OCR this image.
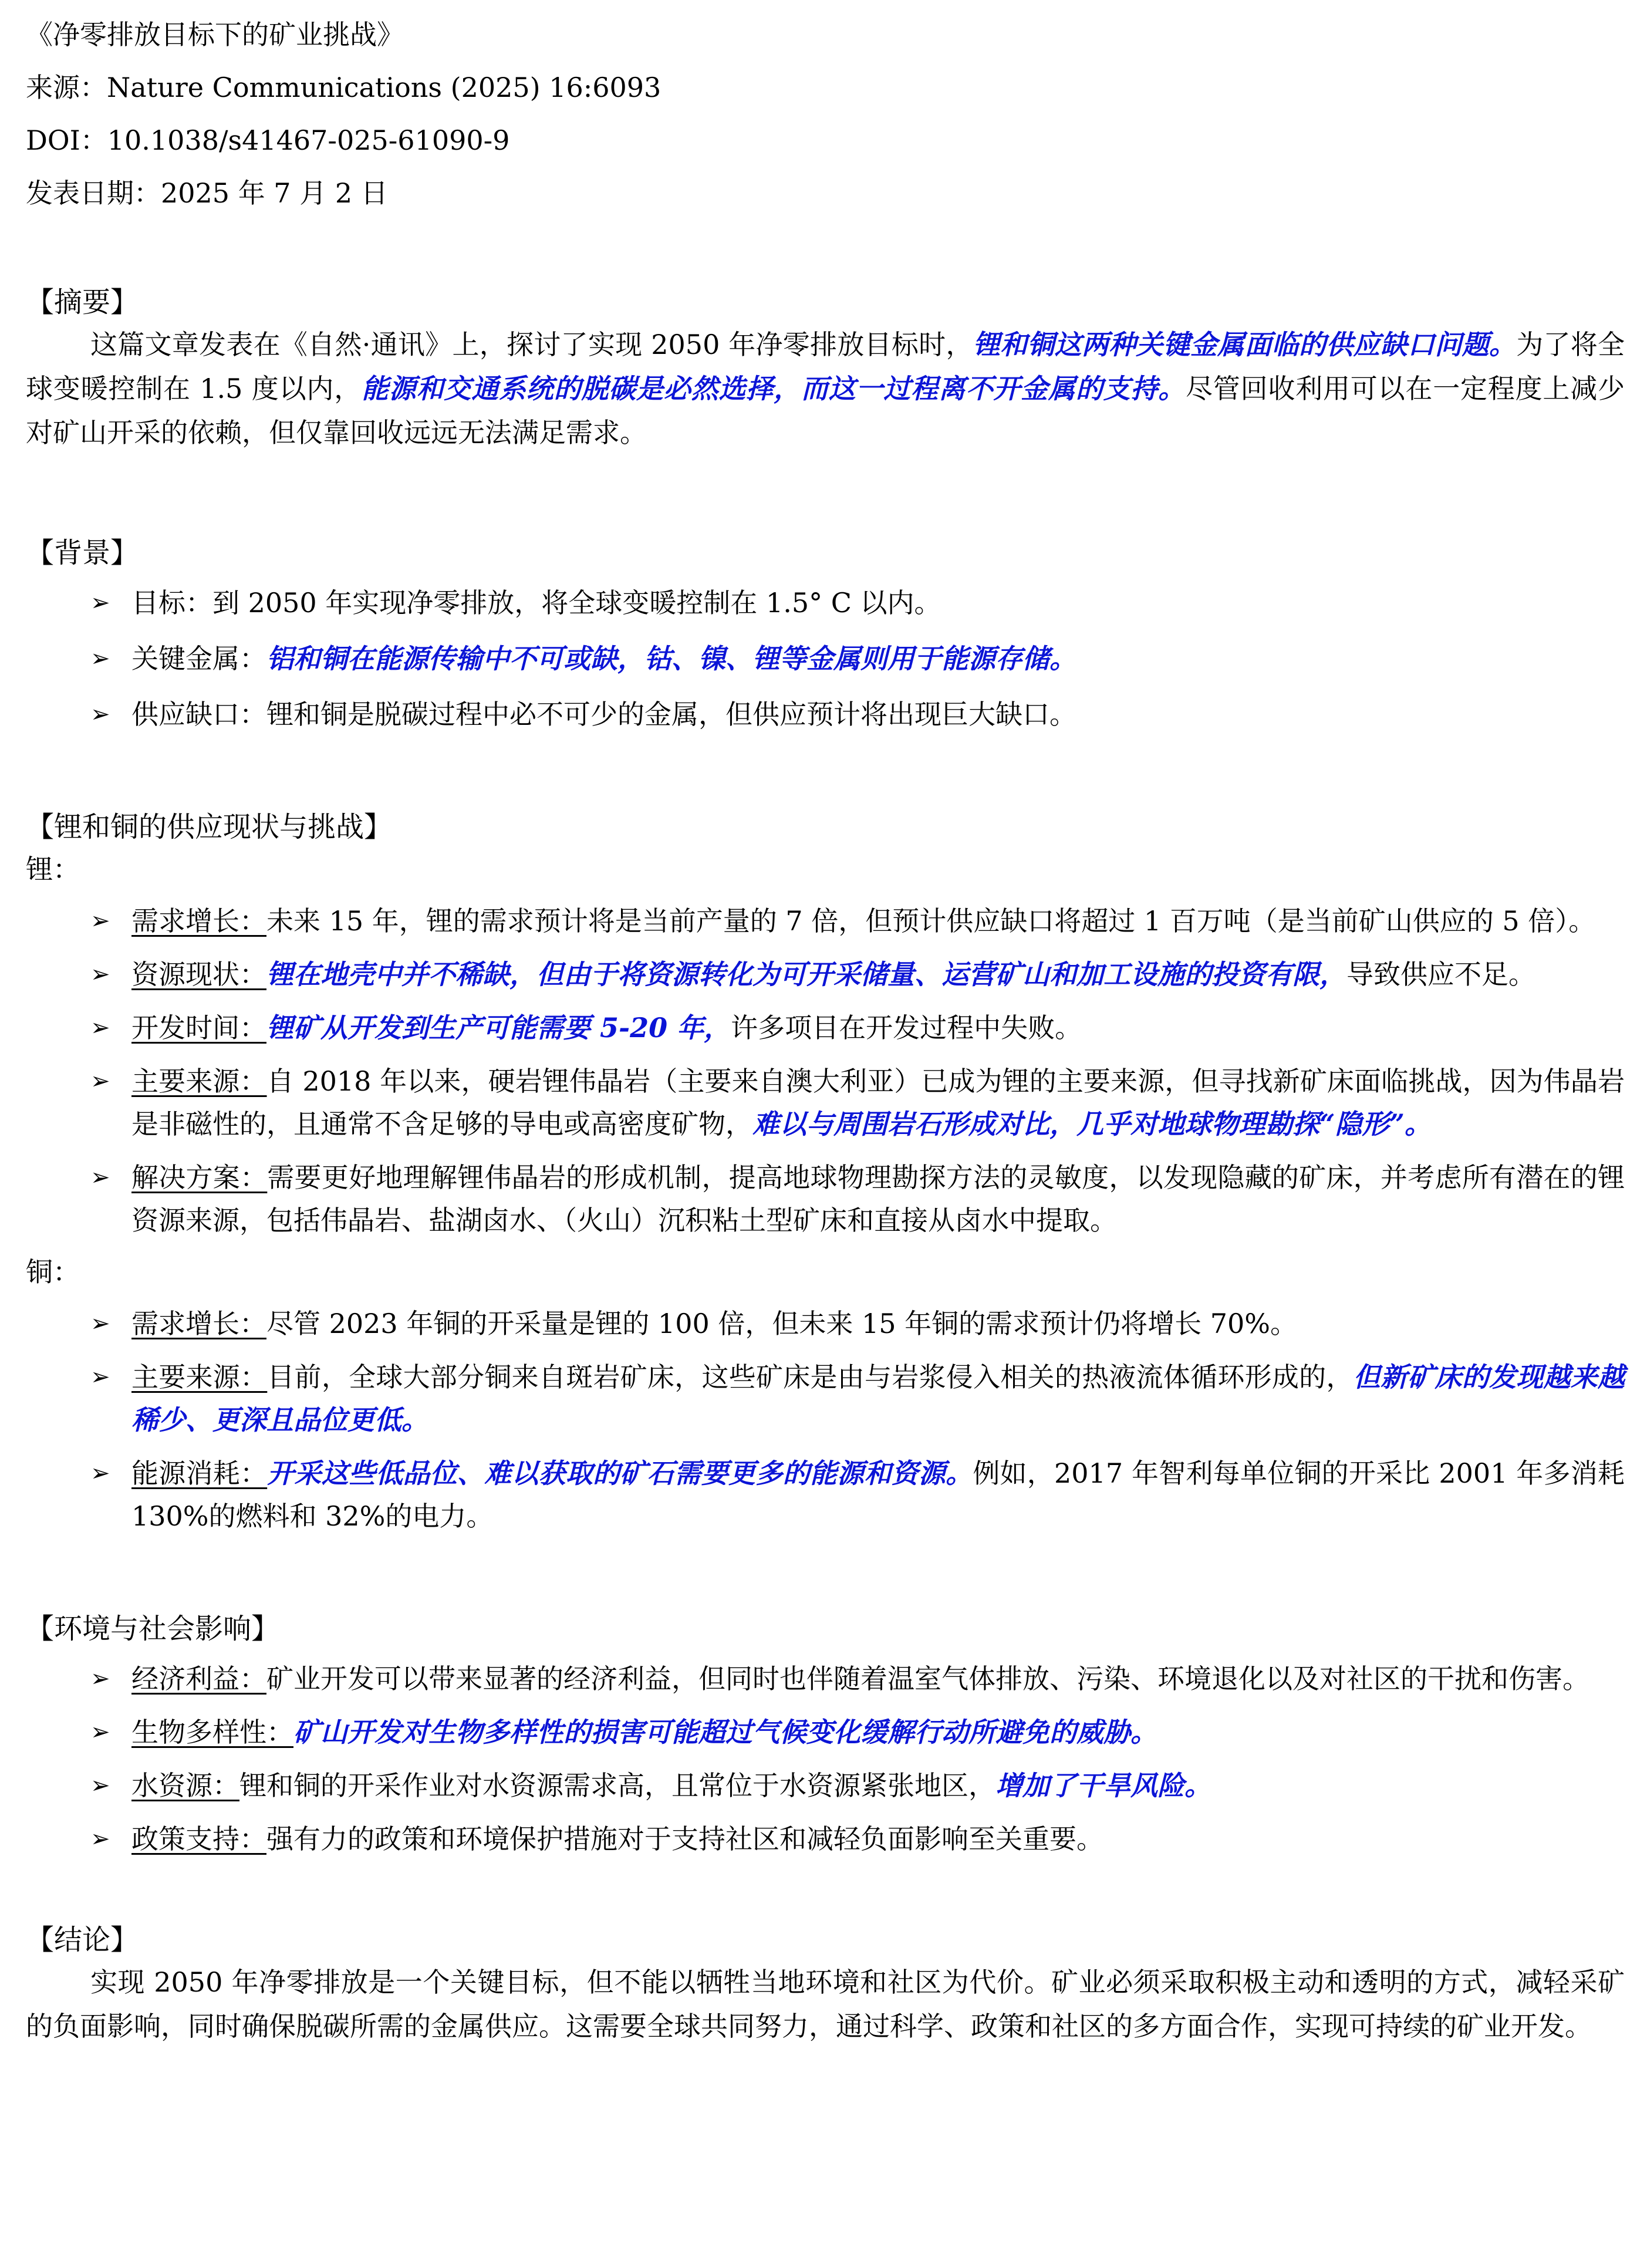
《净零排放目标下的矿业挑战》
来源：Nature Communications (2025) 16:6093
DOI：10.1038/s41467-025-61090-9
发表日期：2025 年 7 月 2 日
【摘要】

这篇文章发表在《自然·通讯》上，探讨了实现 2050 年净零排放目标时，锂和铜这两种关键金属面临的供应缺口问题。为了将全球变暖控制在 1.5 度以内，能源和交通系统的脱碳是必然选择，而这一过程离不开金属的支持。尽管回收利用可以在一定程度上减少对矿山开采的依赖，但仅靠回收远远无法满足需求。

【背景】
➢ 目标：到 2050 年实现净零排放，将全球变暖控制在 1.5° C 以内。
➢ 关键金属：铝和铜在能源传输中不可或缺，钴、镍、锂等金属则用于能源存储。
➢ 供应缺口：锂和铜是脱碳过程中必不可少的金属，但供应预计将出现巨大缺口。
【锂和铜的供应现状与挑战】

锂：

➢ 需求增长：未来 15 年，锂的需求预计将是当前产量的 7 倍，但预计供应缺口将超过 1 百万吨（是当前矿山供应的 5 倍）。
➢ 资源现状：锂在地壳中并不稀缺，但由于将资源转化为可开采储量、运营矿山和加工设施的投资有限，导致供应不足。
➢ 开发时间：锂矿从开发到生产可能需要 5-20 年，许多项目在开发过程中失败。
➢ 主要来源：自 2018 年以来，硬岩锂伟晶岩（主要来自澳大利亚）已成为锂的主要来源，但寻找新矿床面临挑战，因为伟晶岩是非磁性的，且通常不含足够的导电或高密度矿物，难以与周围岩石形成对比，几乎对地球物理勘探“隐形”。
➢ 解决方案：需要更好地理解锂伟晶岩的形成机制，提高地球物理勘探方法的灵敏度，以发现隐藏的矿床，并考虑所有潜在的锂资源来源，包括伟晶岩、盐湖卤水、（火山）沉积粘土型矿床和直接从卤水中提取。

铜：

➢ 需求增长：尽管 2023 年铜的开采量是锂的 100 倍，但未来 15 年铜的需求预计仍将增长 70%。
➢ 主要来源：目前，全球大部分铜来自斑岩矿床，这些矿床是由与岩浆侵入相关的热液流体循环形成的，但新矿床的发现越来越稀少、更深且品位更低。
➢ 能源消耗：开采这些低品位、难以获取的矿石需要更多的能源和资源。例如，2017 年智利每单位铜的开采比 2001 年多消耗 130%的燃料和 32%的电力。
【环境与社会影响】
➢ 经济利益：矿业开发可以带来显著的经济利益，但同时也伴随着温室气体排放、污染、环境退化以及对社区的干扰和伤害。
➢ 生物多样性：矿山开发对生物多样性的损害可能超过气候变化缓解行动所避免的威胁。
➢ 水资源：锂和铜的开采作业对水资源需求高，且常位于水资源紧张地区，增加了干旱风险。
➢ 政策支持：强有力的政策和环境保护措施对于支持社区和减轻负面影响至关重要。
【结论】

实现 2050 年净零排放是一个关键目标，但不能以牺牲当地环境和社区为代价。矿业必须采取积极主动和透明的方式，减轻采矿的负面影响，同时确保脱碳所需的金属供应。这需要全球共同努力，通过科学、政策和社区的多方面合作，实现可持续的矿业开发。
